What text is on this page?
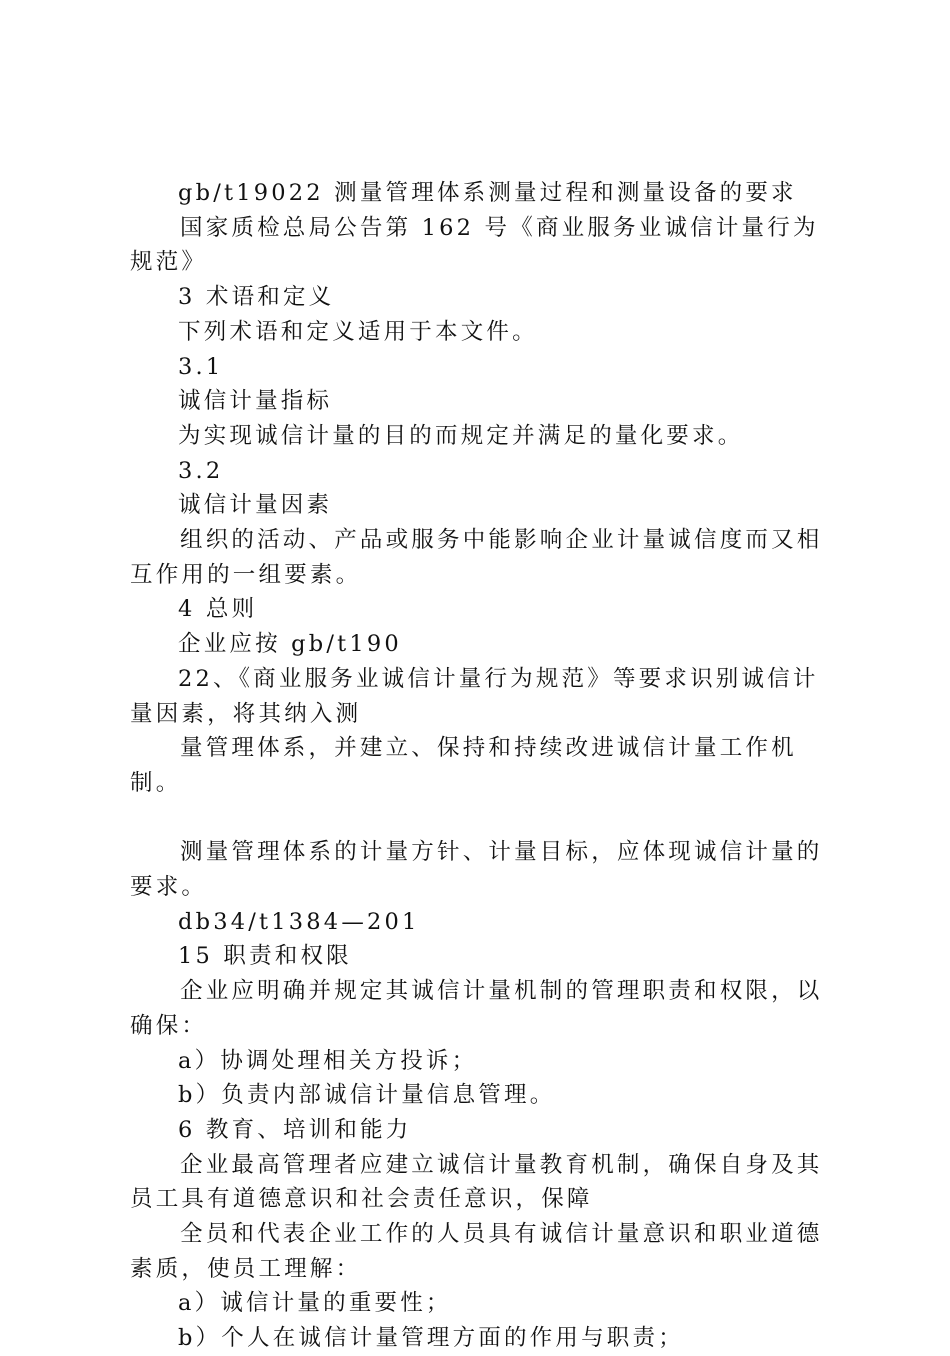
gb/t19022 测量管理体系测量过程和测量设备的要求

国家质检总局公告第 162 号《商业服务业诚信计量行为规范》

3 术语和定义

下列术语和定义适用于本文件。

3.1

诚信计量指标

为实现诚信计量的目的而规定并满足的量化要求。

3.2

诚信计量因素

组织的活动、产品或服务中能影响企业计量诚信度而又相互作用的一组要素。

4 总则

企业应按 gb/t190

22、《商业服务业诚信计量行为规范》等要求识别诚信计量因素，将其纳入测

量管理体系，并建立、保持和持续改进诚信计量工作机制。

测量管理体系的计量方针、计量目标，应体现诚信计量的要求。

db34/t1384—201

15 职责和权限

企业应明确并规定其诚信计量机制的管理职责和权限，以确保：

a）协调处理相关方投诉；

b）负责内部诚信计量信息管理。

6 教育、培训和能力

企业最高管理者应建立诚信计量教育机制，确保自身及其员工具有道德意识和社会责任意识，保障

全员和代表企业工作的人员具有诚信计量意识和职业道德素质，使员工理解：

a）诚信计量的重要性；

b）个人在诚信计量管理方面的作用与职责；
